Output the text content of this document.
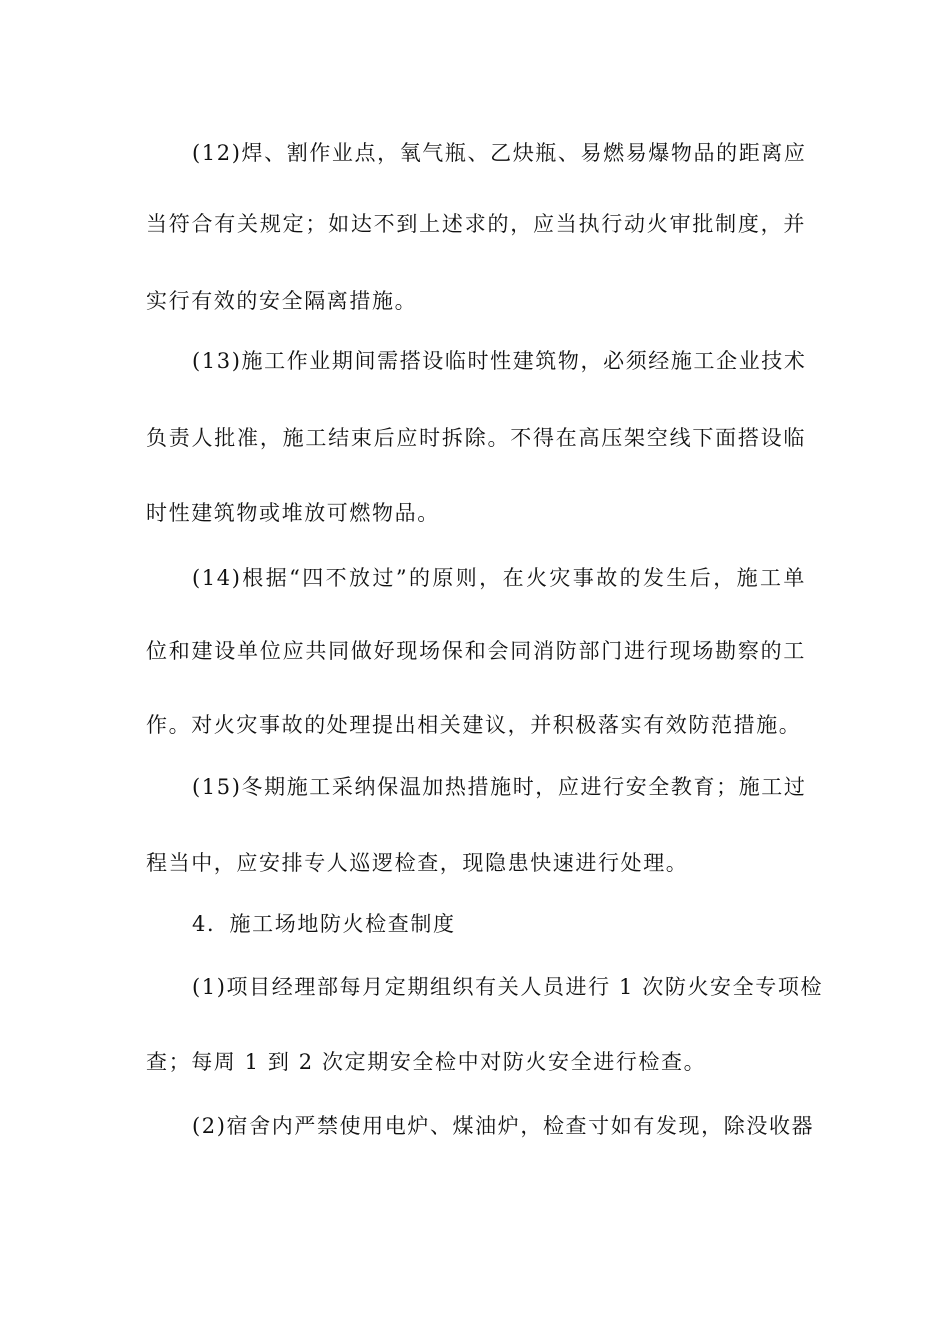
(12)焊、割作业点，氧气瓶、乙炔瓶、易燃易爆物品的距离应
当符合有关规定；如达不到上述求的，应当执行动火审批制度，并
实行有效的安全隔离措施。
(13)施工作业期间需搭设临时性建筑物，必须经施工企业技术
负责人批准，施工结束后应时拆除。不得在高压架空线下面搭设临
时性建筑物或堆放可燃物品。
(14)根据“四不放过”的原则，在火灾事故的发生后，施工单
位和建设单位应共同做好现场保和会同消防部门进行现场勘察的工
作。对火灾事故的处理提出相关建议，并积极落实有效防范措施。
(15)冬期施工采纳保温加热措施时，应进行安全教育；施工过
程当中，应安排专人巡逻检查，现隐患快速进行处理。
4．施工场地防火检查制度
(1)项目经理部每月定期组织有关人员进行 1 次防火安全专项检
查；每周 1 到 2 次定期安全检中对防火安全进行检查。
(2)宿舍内严禁使用电炉、煤油炉，检查寸如有发现，除没收器
